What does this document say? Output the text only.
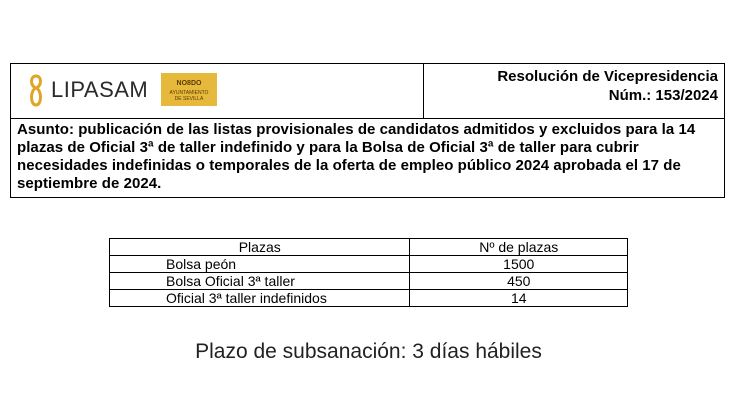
LIPASAM	NO8DO
AYUNTAMIENTO
DE SEVILLA
Resolución de Vicepresidencia
Núm.: 153/2024
Asunto: publicación de las listas provisionales de candidatos admitidos y excluidos para la 14 plazas de Oficial 3ª de taller indefinido y para la Bolsa de Oficial 3ª de taller para cubrir necesidades indefinidas o temporales de la oferta de empleo público 2024 aprobada el 17 de septiembre de 2024.
Plazas	Nº de plazas
Bolsa peón	1500
Bolsa Oficial 3ª taller	450
Oficial 3ª taller indefinidos	14
Plazo de subsanación: 3 días hábiles
